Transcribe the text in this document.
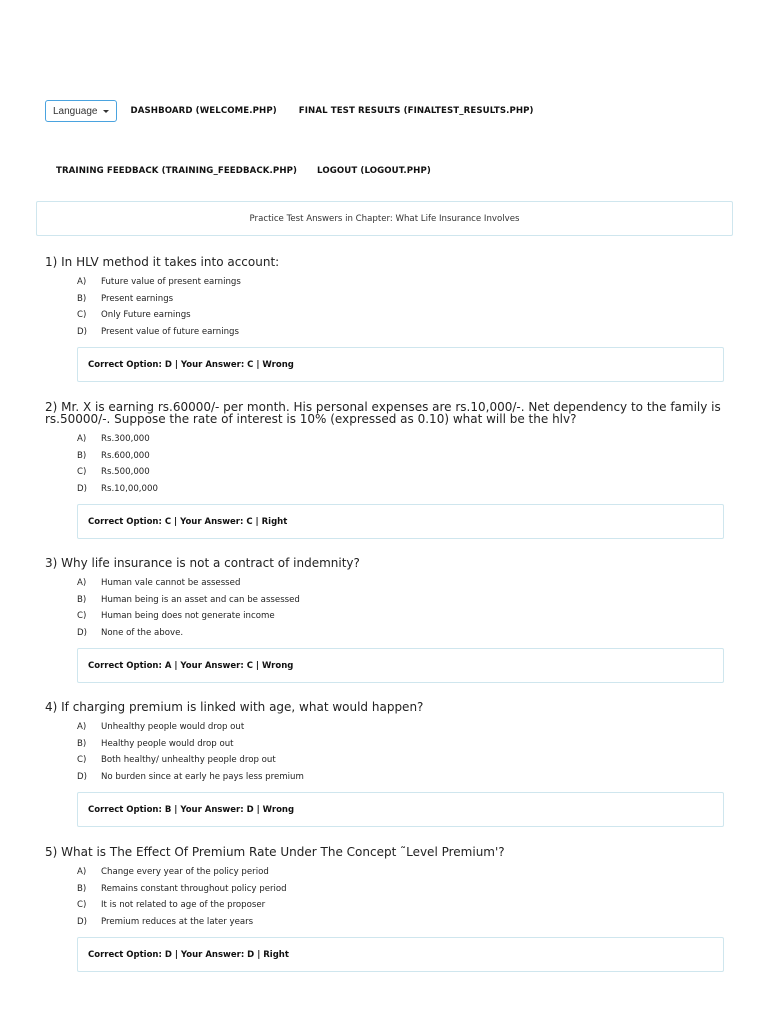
Language	DASHBOARD (WELCOME.PHP)	FINAL TEST RESULTS (FINALTEST_RESULTS.PHP)
TRAINING FEEDBACK (TRAINING_FEEDBACK.PHP) LOGOUT (LOGOUT.PHP)
Practice Test Answers in Chapter: What Life Insurance Involves

1) In HLV method it takes into account:

A)	Future value of present earnings
B)	Present earnings
C)	Only Future earnings
D)	Present value of future earnings
Correct Option: D | Your Answer: C | Wrong

2) Mr. X is earning rs.60000/- per month. His personal expenses are rs.10,000/-. Net dependency to the family is rs.50000/-. Suppose the rate of interest is 10% (expressed as 0.10) what will be the hlv?

A)	Rs.300,000
B)	Rs.600,000
C)	Rs.500,000
D)	Rs.10,00,000
Correct Option: C | Your Answer: C | Right

3) Why life insurance is not a contract of indemnity?

A)	Human vale cannot be assessed
B)	Human being is an asset and can be assessed
C)	Human being does not generate income
D)	None of the above.
Correct Option: A | Your Answer: C | Wrong

4) If charging premium is linked with age, what would happen?

A)	Unhealthy people would drop out
B)	Healthy people would drop out
C)	Both healthy/ unhealthy people drop out
D)	No burden since at early he pays less premium
Correct Option: B | Your Answer: D | Wrong

5) What is The Effect Of Premium Rate Under The Concept ˜Level Premium'?

A)	Change every year of the policy period
B)	Remains constant throughout policy period
C)	It is not related to age of the proposer
D)	Premium reduces at the later years
Correct Option: D | Your Answer: D | Right
